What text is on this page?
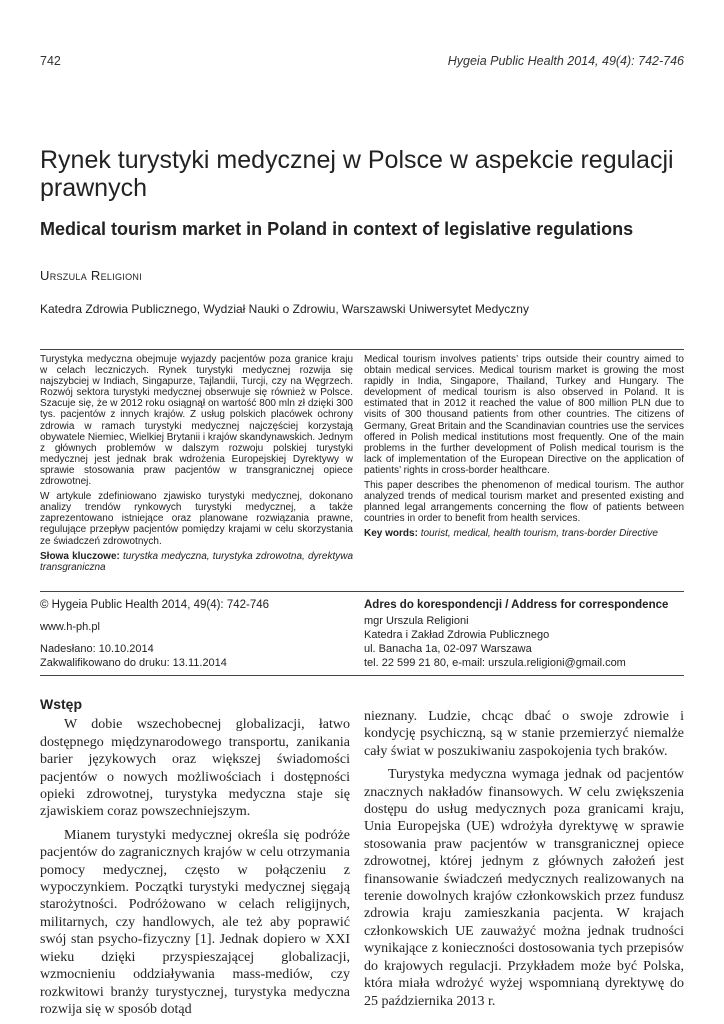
742	Hygeia Public Health 2014, 49(4): 742-746
Rynek turystyki medycznej w Polsce w aspekcie regulacji prawnych
Medical tourism market in Poland in context of legislative regulations
Urszula Religioni
Katedra Zdrowia Publicznego, Wydział Nauki o Zdrowiu, Warszawski Uniwersytet Medyczny

Turystyka medyczna obejmuje wyjazdy pacjentów poza granice kraju w celach leczniczych. Rynek turystyki medycznej rozwija się najszybciej w Indiach, Singapurze, Tajlandii, Turcji, czy na Węgrzech. Rozwój sektora turystyki medycznej obserwuje się również w Polsce. Szacuje się, że w 2012 roku osiągnął on wartość 800 mln zł dzięki 300 tys. pacjentów z innych krajów. Z usług polskich placówek ochrony zdrowia w ramach turystyki medycznej najczęściej korzystają obywatele Niemiec, Wielkiej Brytanii i krajów skandynawskich. Jednym z głównych problemów w dalszym rozwoju polskiej turystyki medycznej jest jednak brak wdrożenia Europejskiej Dyrektywy w sprawie stosowania praw pacjentów w transgranicznej opiece zdrowotnej.

W artykule zdefiniowano zjawisko turystyki medycznej, dokonano analizy trendów rynkowych turystyki medycznej, a także zaprezentowano istniejące oraz planowane rozwiązania prawne, regulujące przepływ pacjentów pomiędzy krajami w celu skorzystania ze świadczeń zdrowotnych.

Słowa kluczowe: turystka medyczna, turystyka zdrowotna, dyrektywa transgraniczna

Medical tourism involves patients’ trips outside their country aimed to obtain medical services. Medical tourism market is growing the most rapidly in India, Singapore, Thailand, Turkey and Hungary. The development of medical tourism is also observed in Poland. It is estimated that in 2012 it reached the value of 800 million PLN due to visits of 300 thousand patients from other countries. The citizens of Germany, Great Britain and the Scandinavian countries use the services offered in Polish medical institutions most frequently. One of the main problems in the further development of Polish medical tourism is the lack of implementation of the European Directive on the application of patients’ rights in cross-border healthcare.

This paper describes the phenomenon of medical tourism. The author analyzed trends of medical tourism market and presented existing and planned legal arrangements concerning the flow of patients between countries in order to benefit from health services.

Key words: tourist, medical, health tourism, trans-border Directive

© Hygeia Public Health 2014, 49(4): 742-746
www.h-ph.pl
Nadesłano: 10.10.2014
Zakwalifikowano do druku: 13.11.2014
Adres do korespondencji / Address for correspondence
mgr Urszula Religioni
Katedra i Zakład Zdrowia Publicznego
ul. Banacha 1a, 02-097 Warszawa
tel. 22 599 21 80, e-mail: urszula.religioni@gmail.com
Wstęp

W dobie wszechobecnej globalizacji, łatwo dostępnego międzynarodowego transportu, zanikania barier językowych oraz większej świadomości pacjentów o nowych możliwościach i dostępności opieki zdrowotnej, turystyka medyczna staje się zjawiskiem coraz powszechniejszym.

Mianem turystyki medycznej określa się podróże pacjentów do zagranicznych krajów w celu otrzymania pomocy medycznej, często w połączeniu z wypoczynkiem. Początki turystyki medycznej sięgają starożytności. Podróżowano w celach religijnych, militarnych, czy handlowych, ale też aby poprawić swój stan psycho-fizyczny [1]. Jednak dopiero w XXI wieku dzięki przyspieszającej globalizacji, wzmocnieniu oddziaływania mass-mediów, czy rozkwitowi branży turystycznej, turystyka medyczna rozwija się w sposób dotąd

nieznany. Ludzie, chcąc dbać o swoje zdrowie i kondycję psychiczną, są w stanie przemierzyć niemalże cały świat w poszukiwaniu zaspokojenia tych braków.

Turystyka medyczna wymaga jednak od pacjentów znacznych nakładów finansowych. W celu zwiększenia dostępu do usług medycznych poza granicami kraju, Unia Europejska (UE) wdrożyła dyrektywę w sprawie stosowania praw pacjentów w transgranicznej opiece zdrowotnej, której jednym z głównych założeń jest finansowanie świadczeń medycznych realizowanych na terenie dowolnych krajów członkowskich przez fundusz zdrowia kraju zamieszkania pacjenta. W krajach członkowskich UE zauważyć można jednak trudności wynikające z konieczności dostosowania tych przepisów do krajowych regulacji. Przykładem może być Polska, która miała wdrożyć wyżej wspomnianą dyrektywę do 25 października 2013 r.
